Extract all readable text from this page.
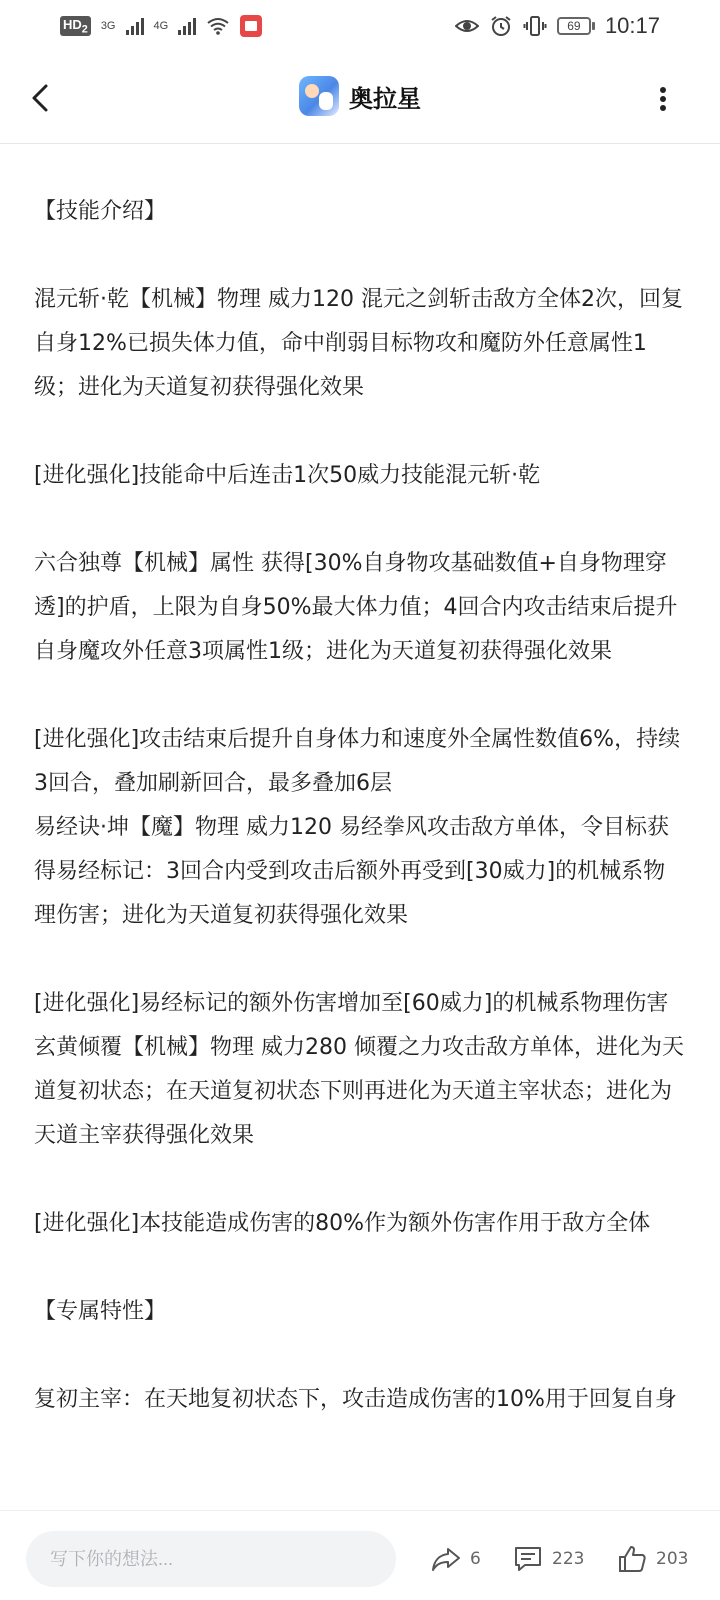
$HD_2$ 3G	4G	69	10:17
奥拉星
【技能介绍】
混元斩·乾【机械】物理 威力120 混元之剑斩击敌方全体2次，回复自身12%已损失体力值，命中削弱目标物攻和魔防外任意属性1级；进化为天道复初获得强化效果
[进化强化]技能命中后连击1次50威力技能混元斩·乾
六合独尊【机械】属性 获得[30%自身物攻基础数值+自身物理穿透]的护盾，上限为自身50%最大体力值；4回合内攻击结束后提升自身魔攻外任意3项属性1级；进化为天道复初获得强化效果
[进化强化]攻击结束后提升自身体力和速度外全属性数值6%，持续3回合，叠加刷新回合，最多叠加6层
易经诀·坤【魔】物理 威力120 易经拳风攻击敌方单体，令目标获得易经标记：3回合内受到攻击后额外再受到[30威力]的机械系物理伤害；进化为天道复初获得强化效果
[进化强化]易经标记的额外伤害增加至[60威力]的机械系物理伤害
玄黄倾覆【机械】物理 威力280 倾覆之力攻击敌方单体，进化为天道复初状态；在天道复初状态下则再进化为天道主宰状态；进化为天道主宰获得强化效果
[进化强化]本技能造成伤害的80%作为额外伤害作用于敌方全体
【专属特性】
复初主宰：在天地复初状态下，攻击造成伤害的10%用于回复自身
写下你的想法...
6	223	203
